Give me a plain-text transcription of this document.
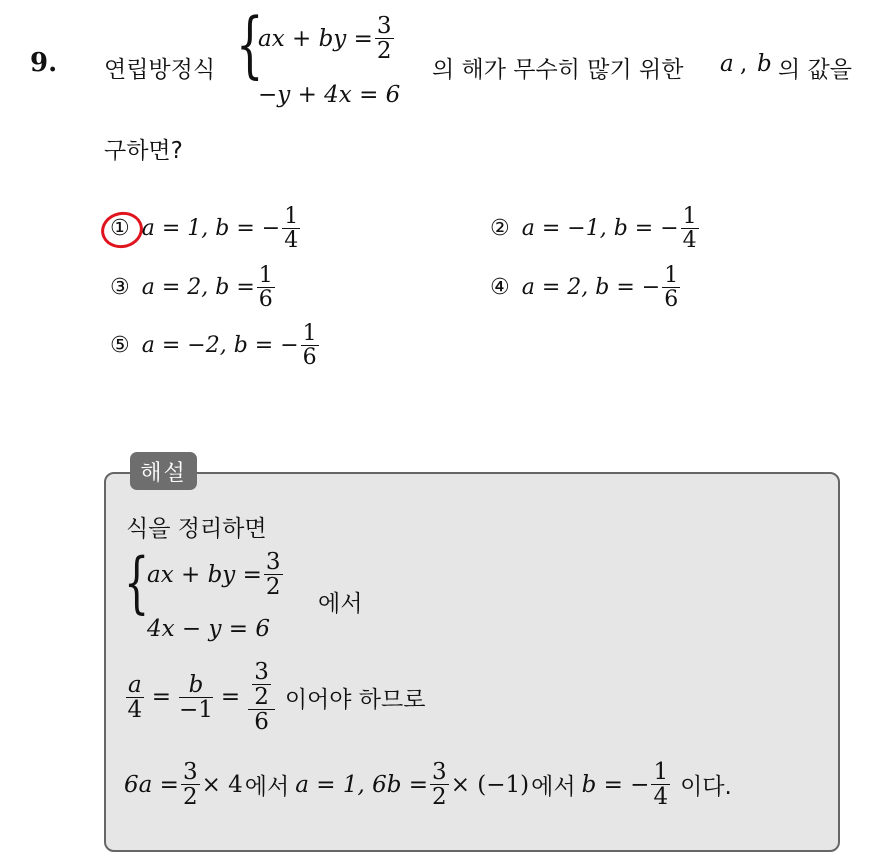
9. 연립방정식 {
ax + by = $\frac{3}{2}$
−y + 4x = 6
의 해가 무수히 많기 위한 a , b 의 값을
구하면?
① a = 1, b = − $\frac{1}{4}$	② a = −1, b = − $\frac{1}{4}$
③ a = 2, $b = \frac{1}{6}$	④ a = 2, b = − $\frac{1}{6}$
⑤ a = −2, b = − $\frac{1}{6}$
해설
식을 정리하면
{
ax + by = $\frac{3}{2}$
4x − y = 6
에서
$\frac{a}{4} = \frac{b}{-1} = \frac{\frac{3}{2}}{6}$ 이어야 하므로
$6a = \frac{3}{2} \times 4$ 에서 a = 1, $6b = \frac{3}{2} \times (-1)$ 에서 b = − $\frac{1}{4}$ 이다.
